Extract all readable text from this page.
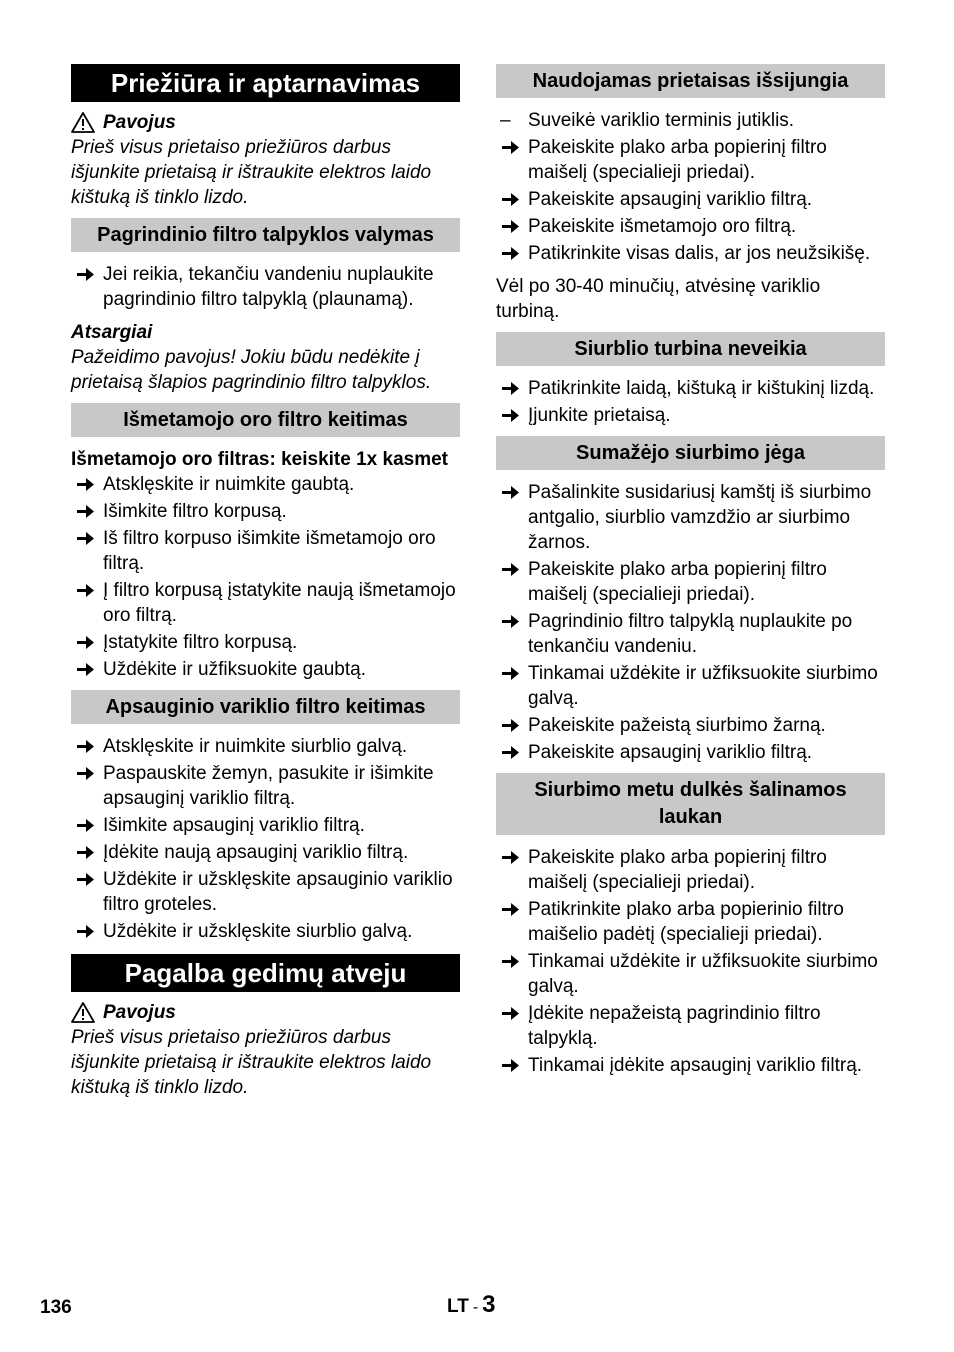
Priežiūra ir aptarnavimas

Pavojus

Prieš visus prietaiso priežiūros darbus išjunkite prietaisą ir ištraukite elektros laido kištuką iš tinklo lizdo.

Pagrindinio filtro talpyklos valymas
Jei reikia, tekančiu vandeniu nuplaukite pagrindinio filtro talpyklą (plaunamą).

Atsargiai

Pažeidimo pavojus! Jokiu būdu nedėkite į prietaisą šlapios pagrindinio filtro talpyklos.

Išmetamojo oro filtro keitimas

Išmetamojo oro filtras: keiskite 1x kasmet

Atsklęskite ir nuimkite gaubtą.
Išimkite filtro korpusą.
Iš filtro korpuso išimkite išmetamojo oro filtrą.
Į filtro korpusą įstatykite naują išmetamojo oro filtrą.
Įstatykite filtro korpusą.
Uždėkite ir užfiksuokite gaubtą.
Apsauginio variklio filtro keitimas
Atsklęskite ir nuimkite siurblio galvą.
Paspauskite žemyn, pasukite ir išimkite apsauginį variklio filtrą.
Išimkite apsauginį variklio filtrą.
Įdėkite naują apsauginį variklio filtrą.
Uždėkite ir užsklęskite apsauginio variklio filtro groteles.
Uždėkite ir užsklęskite siurblio galvą.
Pagalba gedimų atveju

Pavojus

Prieš visus prietaiso priežiūros darbus išjunkite prietaisą ir ištraukite elektros laido kištuką iš tinklo lizdo.

Naudojamas prietaisas išsijungia
– Suveikė variklio terminis jutiklis.
Pakeiskite plako arba popierinį filtro maišelį (specialieji priedai).
Pakeiskite apsauginį variklio filtrą.
Pakeiskite išmetamojo oro filtrą.
Patikrinkite visas dalis, ar jos neužsikišę.

Vėl po 30-40 minučių, atvėsinę variklio turbiną.

Siurblio turbina neveikia
Patikrinkite laidą, kištuką ir kištukinį lizdą.
Įjunkite prietaisą.
Sumažėjo siurbimo jėga
Pašalinkite susidariusį kamštį iš siurbimo antgalio, siurblio vamzdžio ar siurbimo žarnos.
Pakeiskite plako arba popierinį filtro maišelį (specialieji priedai).
Pagrindinio filtro talpyklą nuplaukite po tenkančiu vandeniu.
Tinkamai uždėkite ir užfiksuokite siurbimo galvą.
Pakeiskite pažeistą siurbimo žarną.
Pakeiskite apsauginį variklio filtrą.
Siurbimo metu dulkės šalinamos
laukan
Pakeiskite plako arba popierinį filtro maišelį (specialieji priedai).
Patikrinkite plako arba popierinio filtro maišelio padėtį (specialieji priedai).
Tinkamai uždėkite ir užfiksuokite siurbimo galvą.
Įdėkite nepažeistą pagrindinio filtro talpyklą.
Tinkamai įdėkite apsauginį variklio filtrą.
136	LT - 3
